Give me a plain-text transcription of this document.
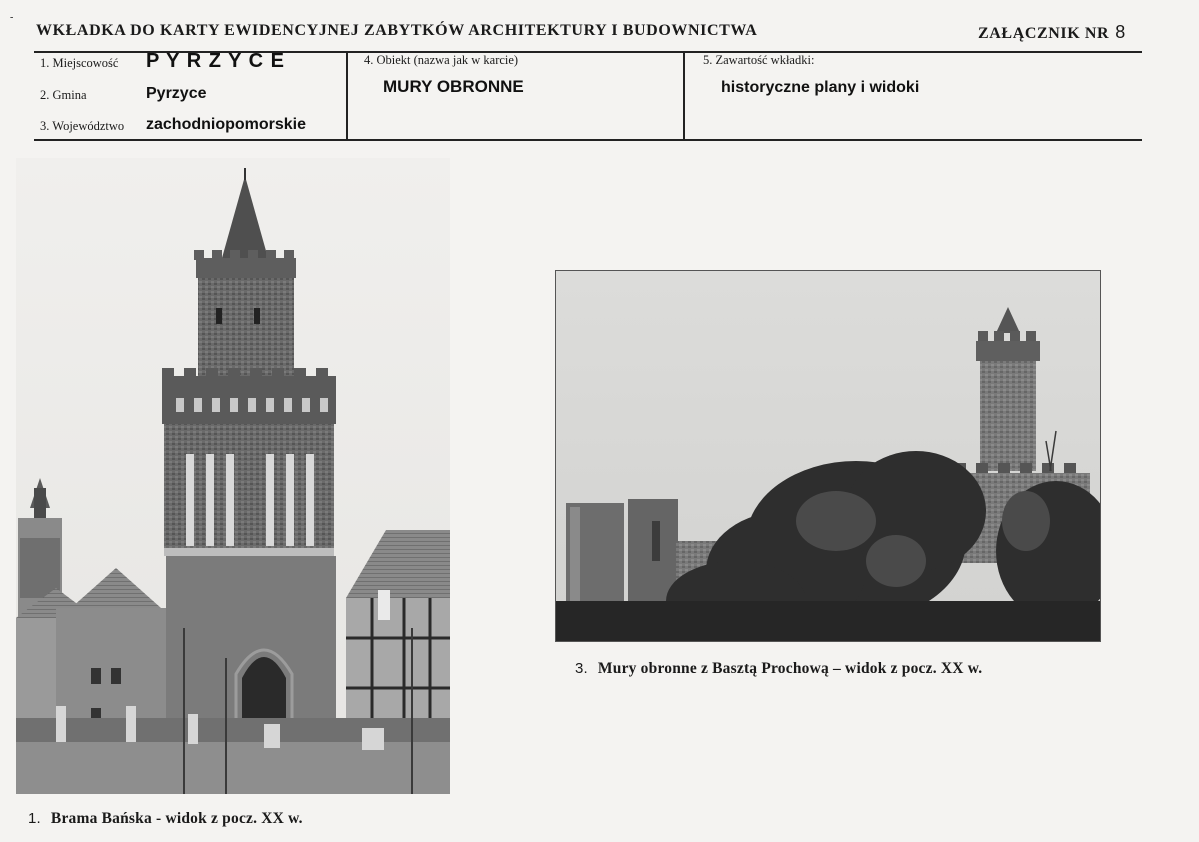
-
WKŁADKA DO KARTY EWIDENCYJNEJ ZABYTKÓW ARCHITEKTURY I BUDOWNICTWA	ZAŁĄCZNIK NR 8
1. Miejscowość P Y R Z Y C E
2. Gmina	Pyrzyce
3. Województwo zachodniopomorskie
4. Obiekt (nazwa jak w karcie)
MURY OBRONNE
5. Zawartość wkładki:
historyczne plany i widoki
1. Brama Bańska - widok z pocz. XX w.
3. Mury obronne z Basztą Prochową – widok z pocz. XX w.
